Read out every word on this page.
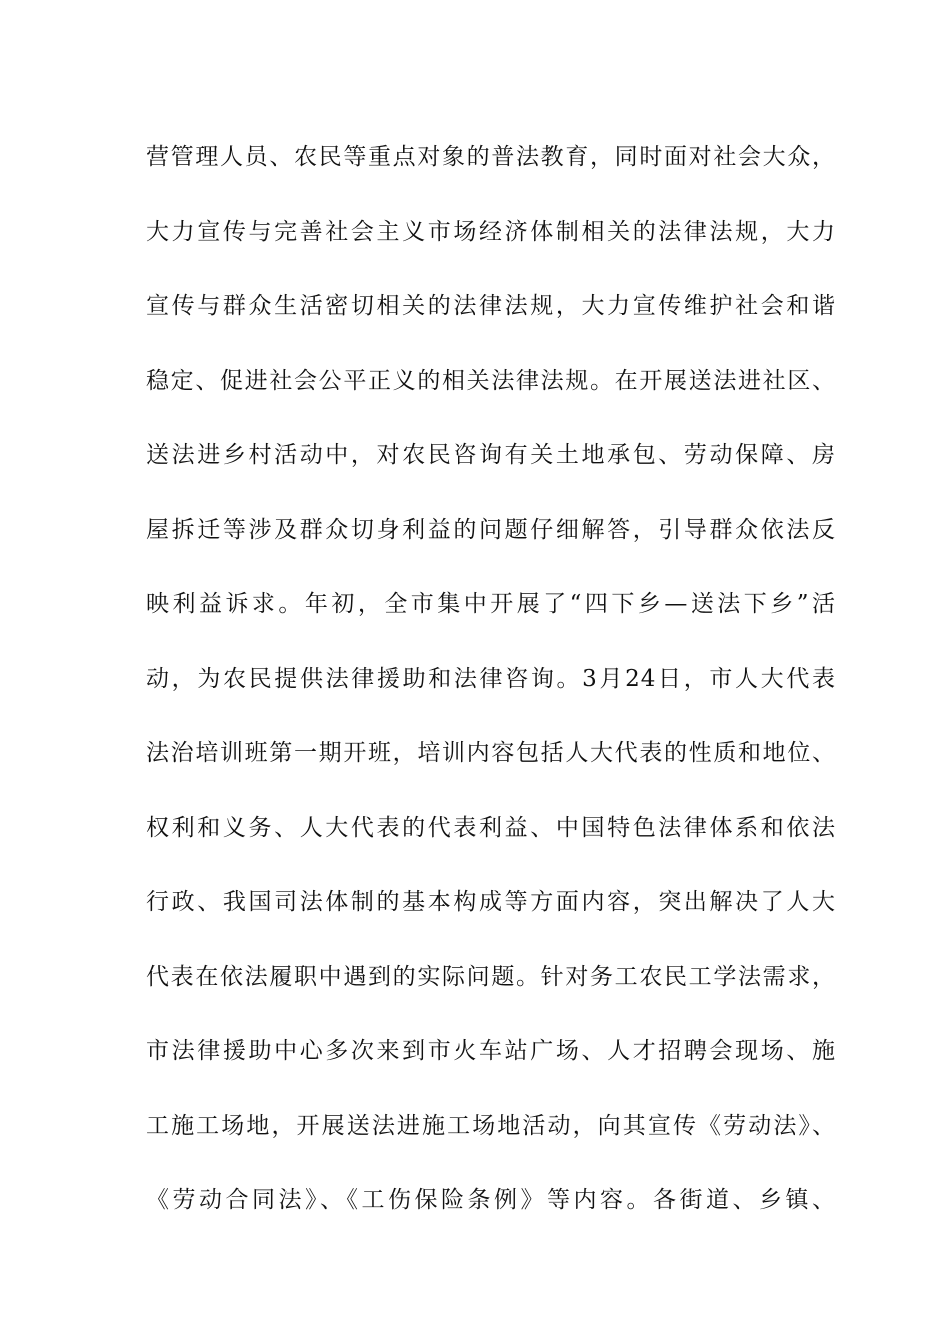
营管理人员、农民等重点对象的普法教育，同时面对社会大众，
大力宣传与完善社会主义市场经济体制相关的法律法规，大力
宣传与群众生活密切相关的法律法规，大力宣传维护社会和谐
稳定、促进社会公平正义的相关法律法规。在开展送法进社区、
送法进乡村活动中，对农民咨询有关土地承包、劳动保障、房
屋拆迁等涉及群众切身利益的问题仔细解答，引导群众依法反
映利益诉求。年初，全市集中开展了“四下乡—送法下乡”活
动，为农民提供法律援助和法律咨询。3月24日，市人大代表
法治培训班第一期开班，培训内容包括人大代表的性质和地位、
权利和义务、人大代表的代表利益、中国特色法律体系和依法
行政、我国司法体制的基本构成等方面内容，突出解决了人大
代表在依法履职中遇到的实际问题。针对务工农民工学法需求，
市法律援助中心多次来到市火车站广场、人才招聘会现场、施
工施工场地，开展送法进施工场地活动，向其宣传《劳动法》、
《劳动合同法》、《工伤保险条例》等内容。各街道、乡镇、
